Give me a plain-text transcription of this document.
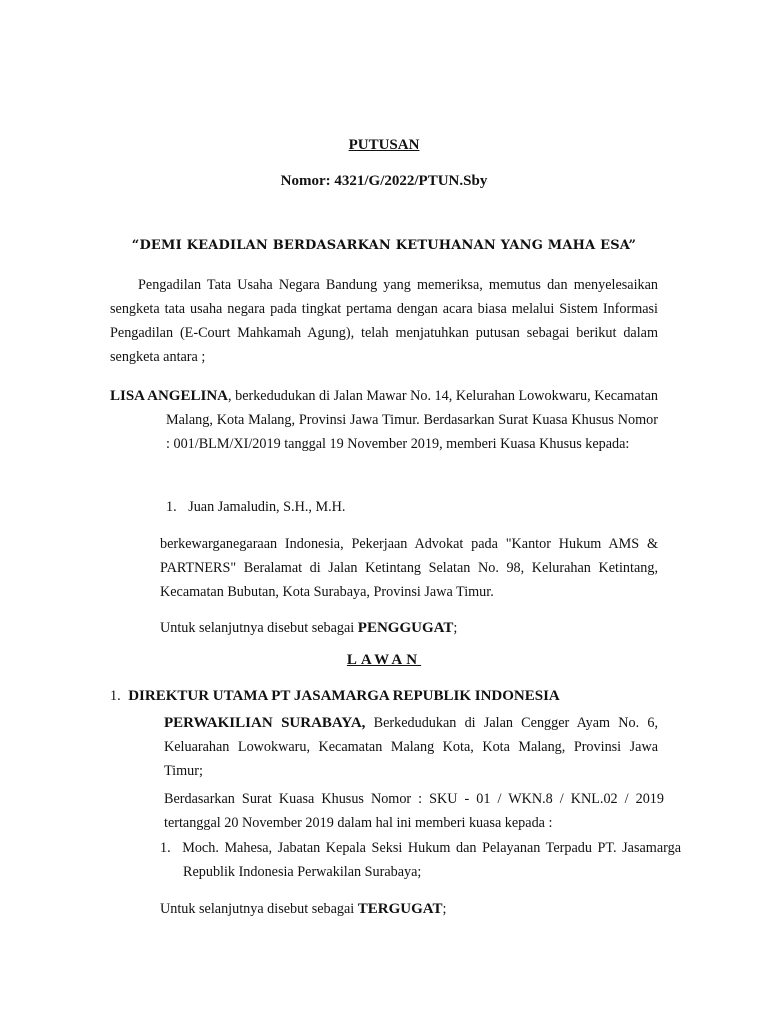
PUTUSAN
Nomor: 4321/G/2022/PTUN.Sby
“DEMI KEADILAN BERDASARKAN KETUHANAN YANG MAHA ESA”
Pengadilan Tata Usaha Negara Bandung yang memeriksa, memutus dan menyelesaikan sengketa tata usaha negara pada tingkat pertama dengan acara biasa melalui Sistem Informasi Pengadilan (E-Court Mahkamah Agung), telah menjatuhkan putusan sebagai berikut dalam sengketa antara ;
LISA ANGELINA, berkedudukan di Jalan Mawar No. 14, Kelurahan Lowokwaru, Kecamatan Malang, Kota Malang, Provinsi Jawa Timur. Berdasarkan Surat Kuasa Khusus Nomor : 001/BLM/XI/2019 tanggal 19 November 2019, memberi Kuasa Khusus kepada:
1. Juan Jamaludin, S.H., M.H.
berkewarganegaraan Indonesia, Pekerjaan Advokat pada "Kantor Hukum AMS & PARTNERS" Beralamat di Jalan Ketintang Selatan No. 98, Kelurahan Ketintang, Kecamatan Bubutan, Kota Surabaya, Provinsi Jawa Timur.
Untuk selanjutnya disebut sebagai PENGGUGAT;
LAWAN
1. DIREKTUR UTAMA PT JASAMARGA REPUBLIK INDONESIA
PERWAKILIAN SURABAYA, Berkedudukan di Jalan Cengger Ayam No. 6, Keluarahan Lowokwaru, Kecamatan Malang Kota, Kota Malang, Provinsi Jawa Timur;
Berdasarkan Surat Kuasa Khusus Nomor : SKU - 01 / WKN.8 / KNL.02 / 2019 tertanggal 20 November 2019 dalam hal ini memberi kuasa kepada :
1. Moch. Mahesa, Jabatan Kepala Seksi Hukum dan Pelayanan Terpadu PT. Jasamarga Republik Indonesia Perwakilan Surabaya;
Untuk selanjutnya disebut sebagai TERGUGAT;
